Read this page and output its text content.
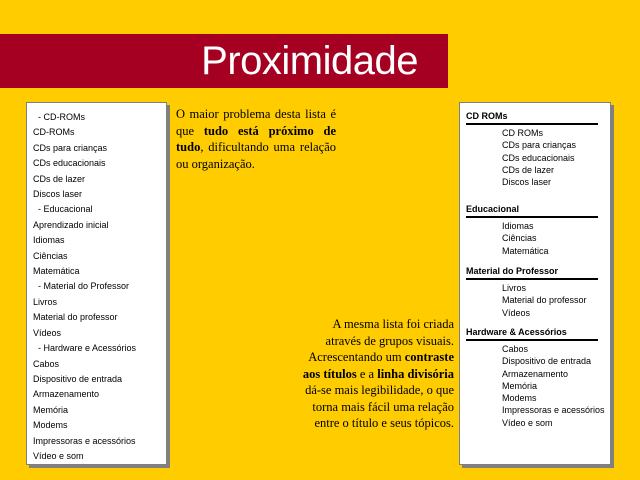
Proximidade
- CD-ROMs
CD-ROMs
CDs para crianças
CDs educacionais
CDs de lazer
Discos laser
- Educacional
Aprendizado inicial
Idiomas
Ciências
Matemática
- Material do Professor
Livros
Material do professor
Vídeos
- Hardware e Acessórios
Cabos
Dispositivo de entrada
Armazenamento
Memória
Modems
Impressoras e acessórios
Vídeo e som
O maior problema desta lista é que tudo está próximo de tudo, dificultando uma relação ou organização.
A mesma lista foi criada através de grupos visuais. Acrescentando um contraste aos títulos e a linha divisória dá-se mais legibilidade, o que torna mais fácil uma relação entre o título e seus tópicos.
CD ROMs
CD ROMs
CDs para crianças
CDs educacionais
CDs de lazer
Discos laser
Educacional
Idiomas
Ciências
Matemática
Material do Professor
Livros
Material do professor
Vídeos
Hardware & Acessórios
Cabos
Dispositivo de entrada
Armazenamento
Memória
Modems
Impressoras e acessórios
Vídeo e som
